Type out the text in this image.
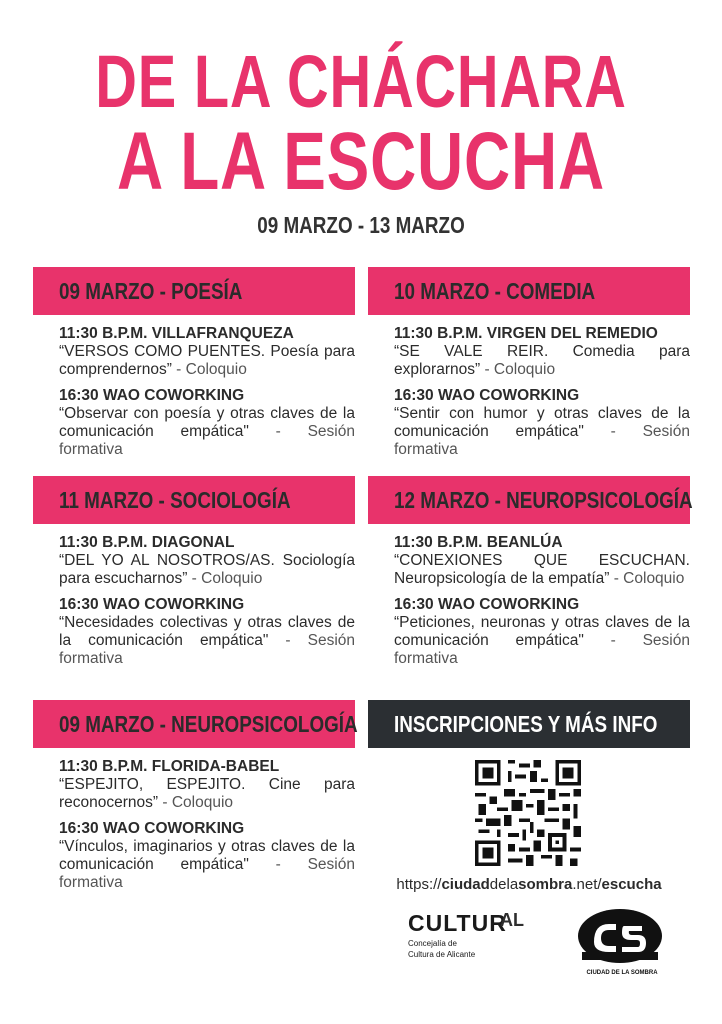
DE LA CHÁCHARA
A LA ESCUCHA
09 MARZO - 13 MARZO
09 MARZO - POESÍA
11:30 B.P.M. VILLAFRANQUEZA
“VERSOS COMO PUENTES. Poesía para comprendernos” - Coloquio
16:30 WAO COWORKING
“Observar con poesía y otras claves de la comunicación empática" - Sesión formativa
10 MARZO - COMEDIA
11:30 B.P.M. VIRGEN DEL REMEDIO
“SE VALE REIR. Comedia para explorarnos” - Coloquio
16:30 WAO COWORKING
“Sentir con humor y otras claves de la comunicación empática" - Sesión formativa
11 MARZO - SOCIOLOGÍA
11:30 B.P.M. DIAGONAL
“DEL YO AL NOSOTROS/AS. Sociología para escucharnos” - Coloquio
16:30 WAO COWORKING
“Necesidades colectivas y otras claves de la comunicación empática" - Sesión formativa
12 MARZO - NEUROPSICOLOGÍA
11:30 B.P.M. BEANLÚA
“CONEXIONES QUE ESCUCHAN. Neuropsicología de la empatía” - Coloquio
16:30 WAO COWORKING
“Peticiones, neuronas y otras claves de la comunicación empática" - Sesión formativa
09 MARZO - NEUROPSICOLOGÍA
11:30 B.P.M. FLORIDA-BABEL
“ESPEJITO, ESPEJITO. Cine para reconocernos” - Coloquio
16:30 WAO COWORKING
“Vínculos, imaginarios y otras claves de la comunicación empática" - Sesión formativa
INSCRIPCIONES Y MÁS INFO
https://ciudaddelasombra.net/escucha
CULTUR
AL
Concejalía de
Cultura de Alicante
CIUDAD DE LA SOMBRA
